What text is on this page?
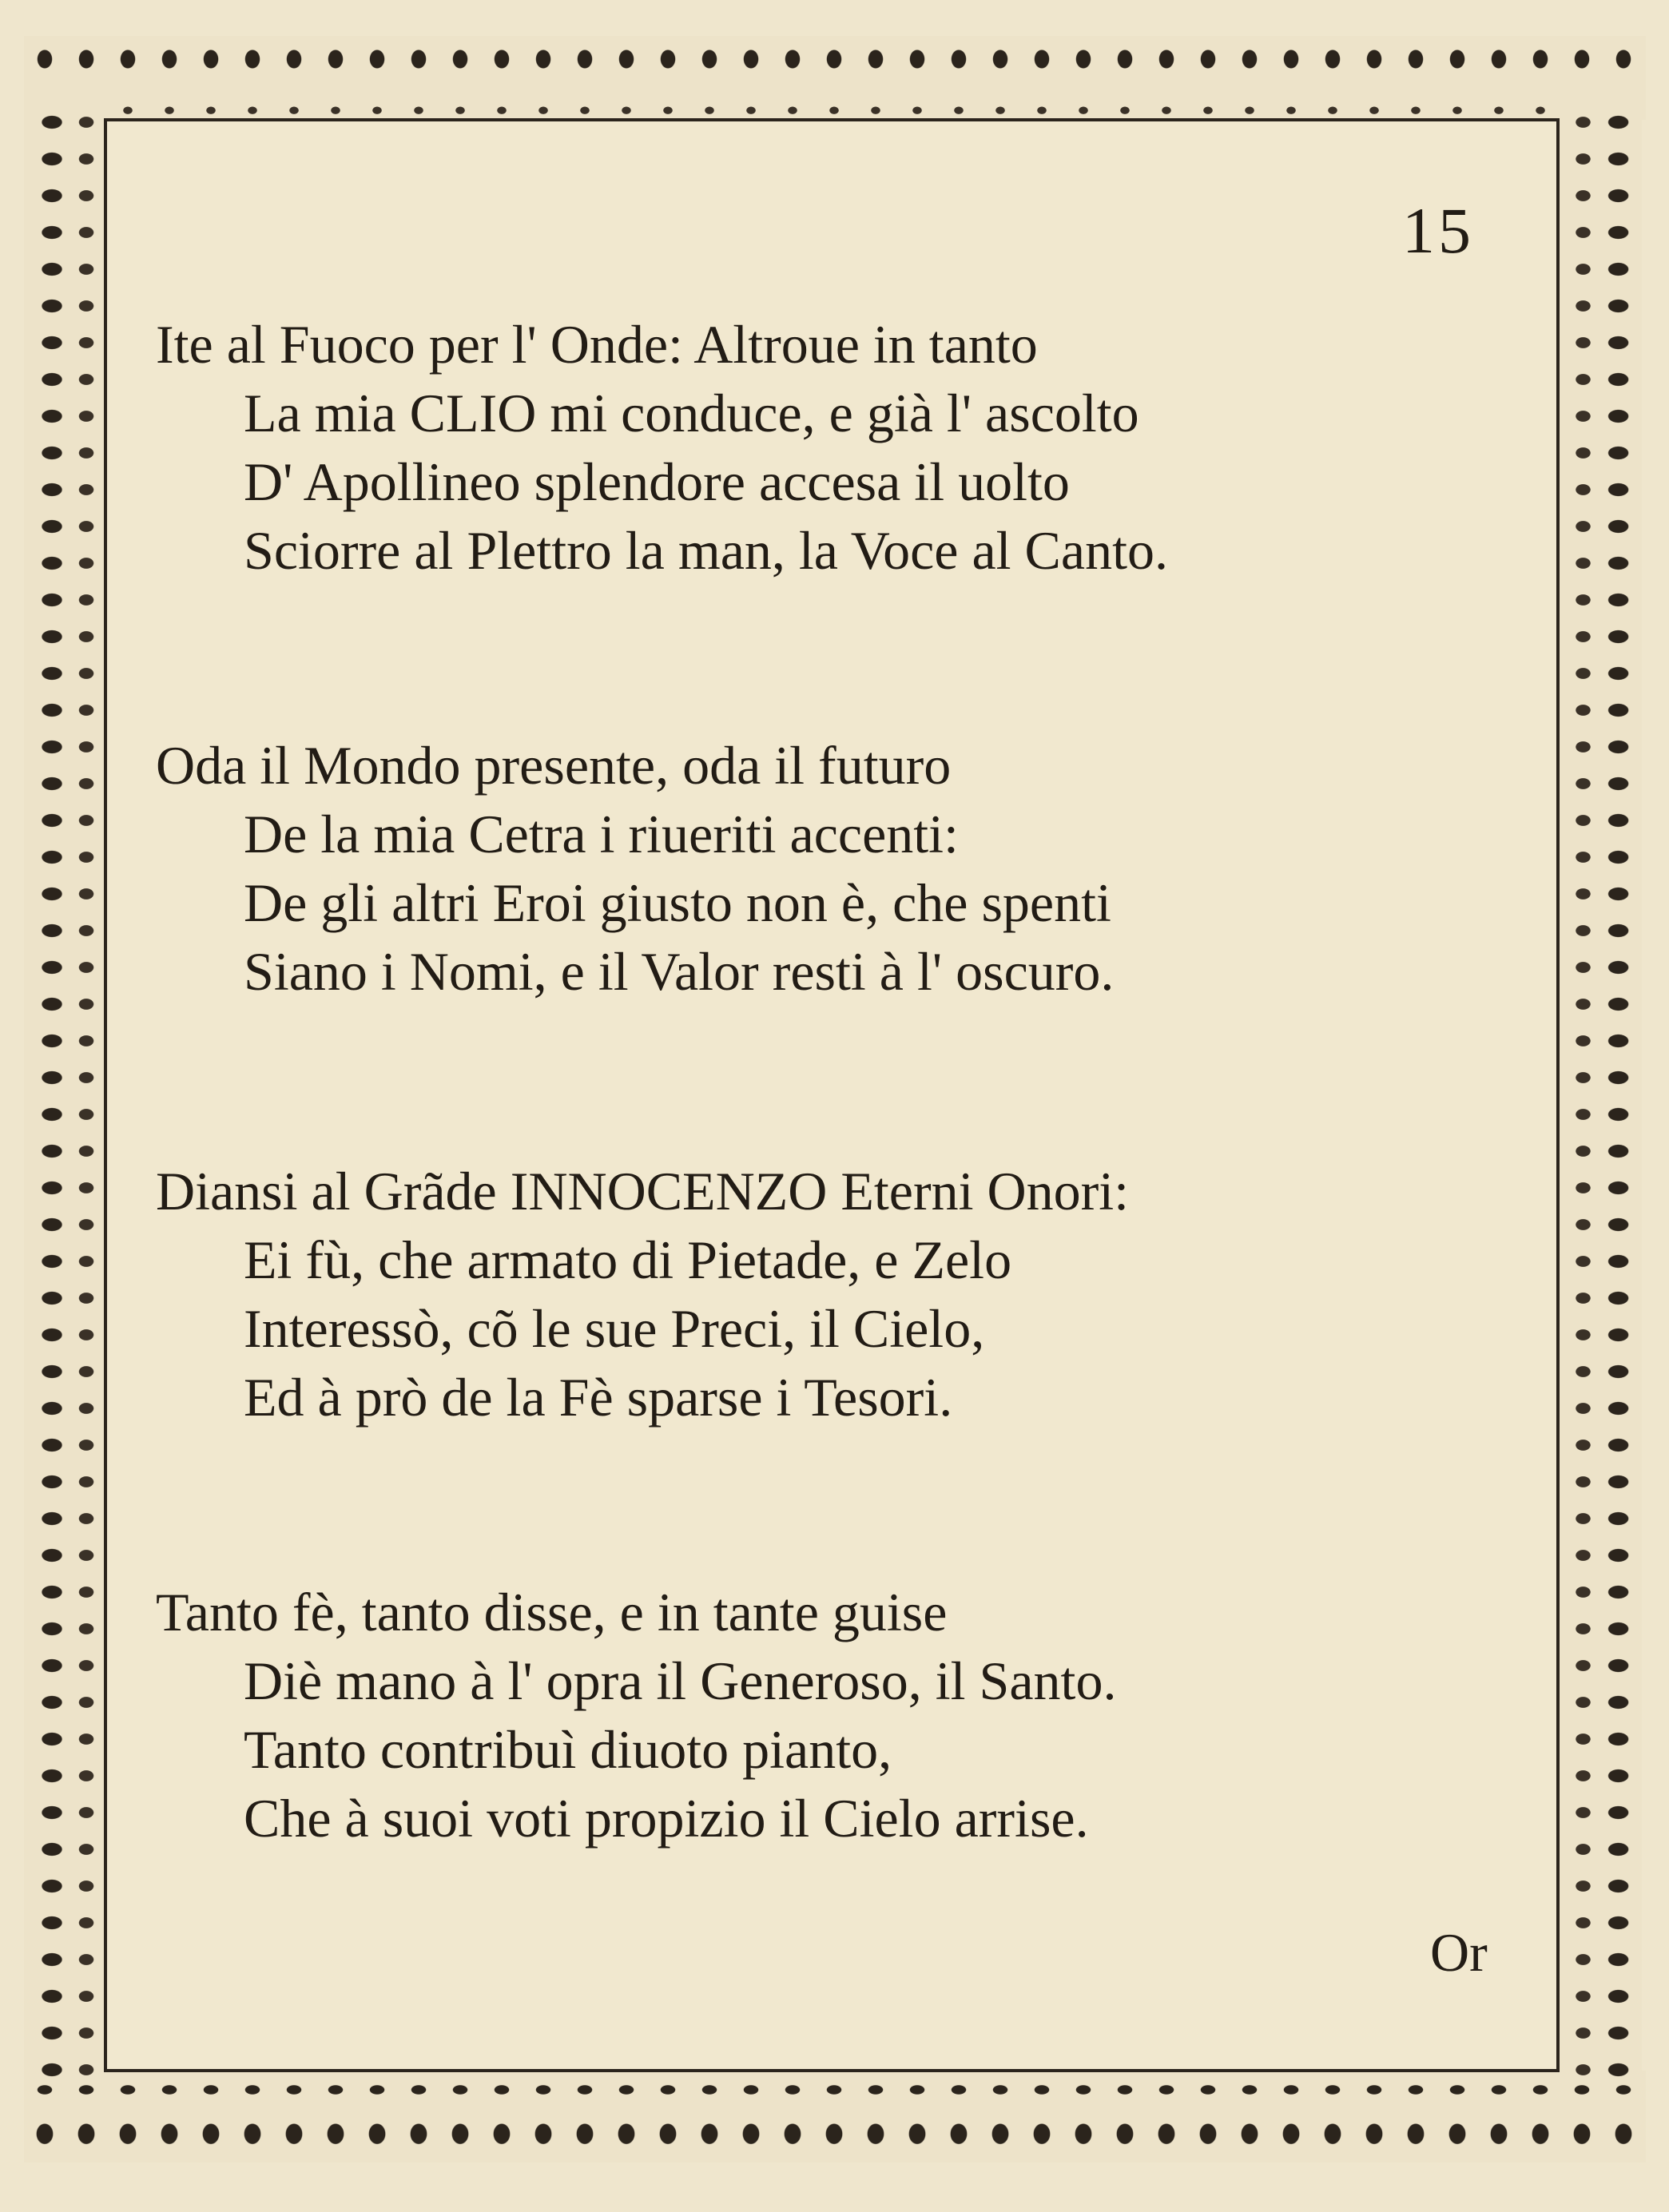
15
Ite al Fuoco per l' Onde: Altroue in tanto
La mia CLIO mi conduce, e già l' ascolto
D' Apollineo splendore accesa il uolto
Sciorre al Plettro la man, la Voce al Canto.
Oda il Mondo presente, oda il futuro
De la mia Cetra i riueriti accenti:
De gli altri Eroi giusto non è, che spenti
Siano i Nomi, e il Valor resti à l' oscuro.
Diansi al Grãde INNOCENZO Eterni Onori:
Ei fù, che armato di Pietade, e Zelo
Interessò, cõ le sue Preci, il Cielo,
Ed à prò de la Fè sparse i Tesori.
Tanto fè, tanto disse, e in tante guise
Diè mano à l' opra il Generoso, il Santo.
Tanto contribuì diuoto pianto,
Che à suoi voti propizio il Cielo arrise.
Or
